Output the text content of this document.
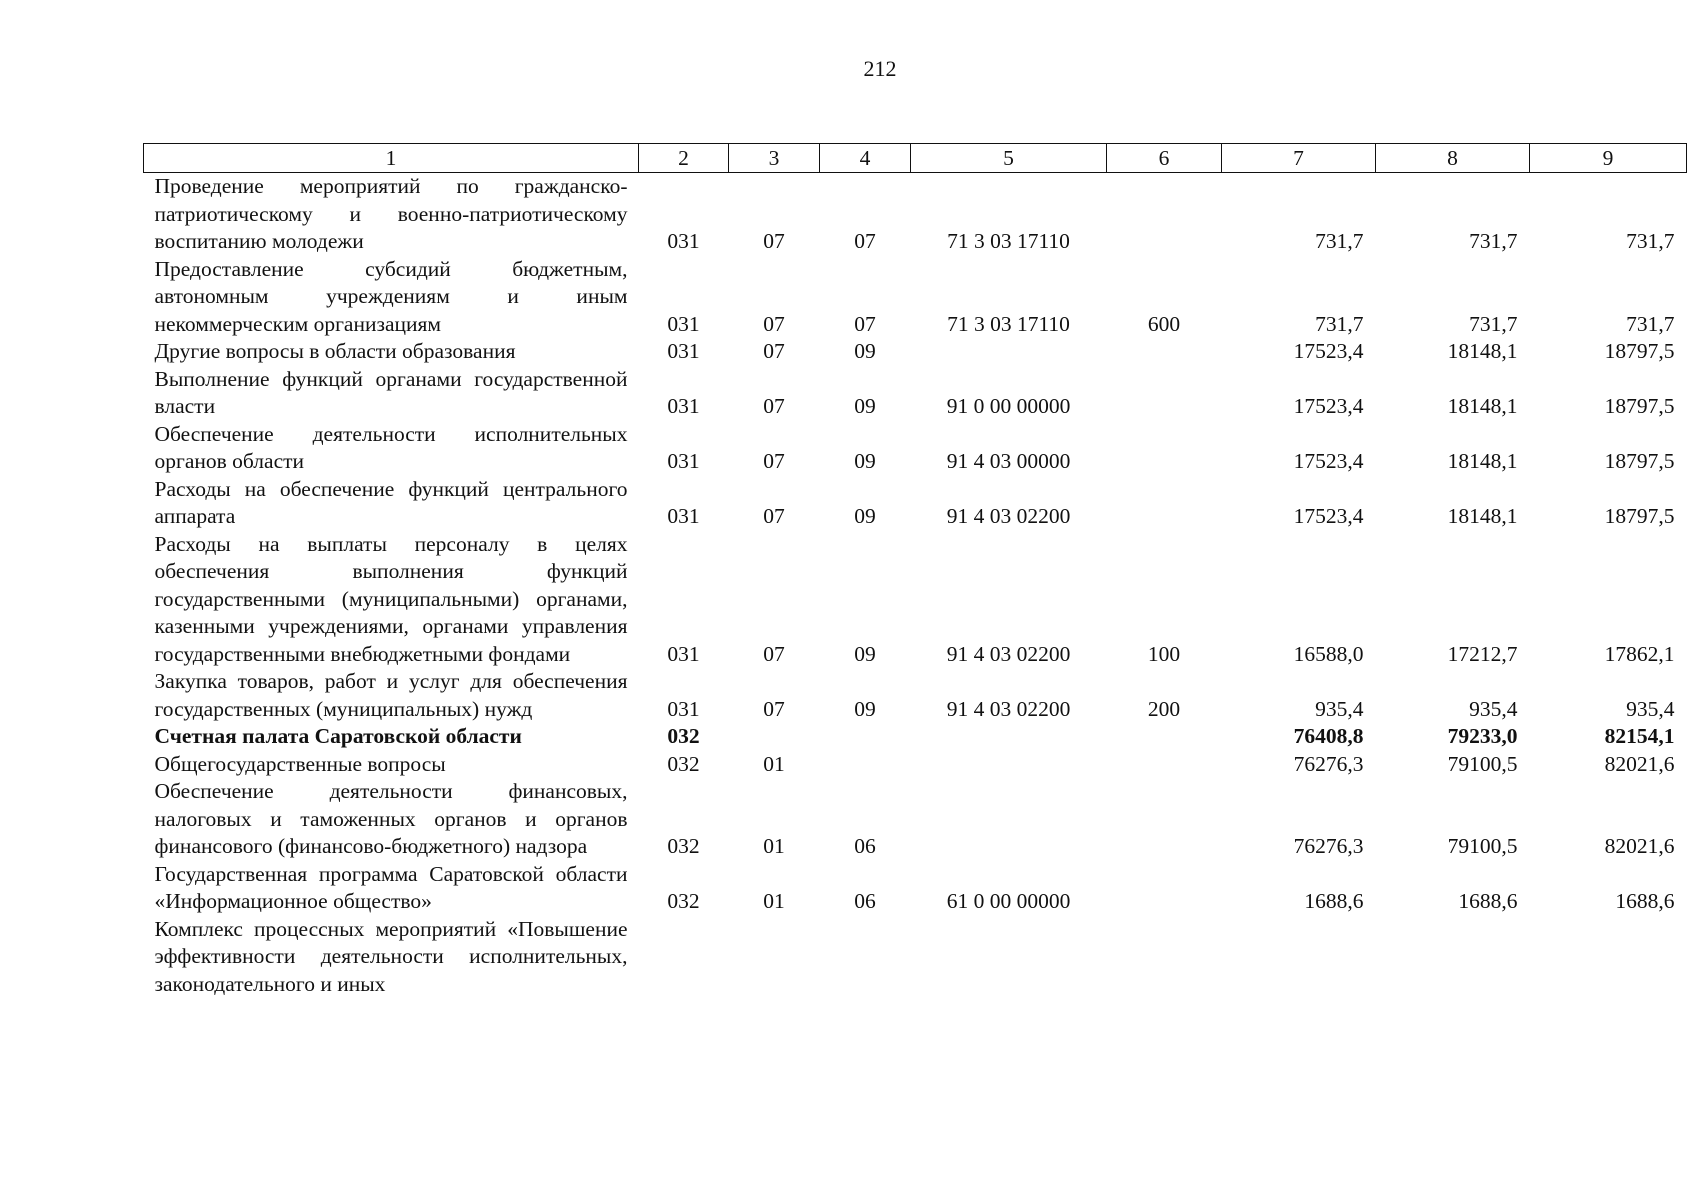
212
1	2	3	4	5	6	7	8	9
Проведение мероприятий по гражданско-патриотическому и военно-патриотическому воспитанию молодежи	031	07	07	71 3 03 17110		731,7	731,7	731,7
Предоставление субсидий бюджетным, автономным учреждениям и иным некоммерческим организациям	031	07	07	71 3 03 17110	600	731,7	731,7	731,7
Другие вопросы в области образования	031	07	09			17523,4	18148,1	18797,5
Выполнение функций органами государственной власти	031	07	09	91 0 00 00000		17523,4	18148,1	18797,5
Обеспечение деятельности исполнительных органов области	031	07	09	91 4 03 00000		17523,4	18148,1	18797,5
Расходы на обеспечение функций центрального аппарата	031	07	09	91 4 03 02200		17523,4	18148,1	18797,5
Расходы на выплаты персоналу в целях обеспечения выполнения функций государственными (муниципальными) органами, казенными учреждениями, органами управления государственными внебюджетными фондами	031	07	09	91 4 03 02200	100	16588,0	17212,7	17862,1
Закупка товаров, работ и услуг для обеспечения государственных (муниципальных) нужд	031	07	09	91 4 03 02200	200	935,4	935,4	935,4
Счетная палата Саратовской области	032					76408,8	79233,0	82154,1
Общегосударственные вопросы	032	01				76276,3	79100,5	82021,6
Обеспечение деятельности финансовых, налоговых и таможенных органов и органов финансового (финансово-бюджетного) надзора	032	01	06			76276,3	79100,5	82021,6
Государственная программа Саратовской области «Информационное общество»	032	01	06	61 0 00 00000		1688,6	1688,6	1688,6
Комплекс процессных мероприятий «Повышение эффективности деятельности исполнительных, законодательного и иных								
